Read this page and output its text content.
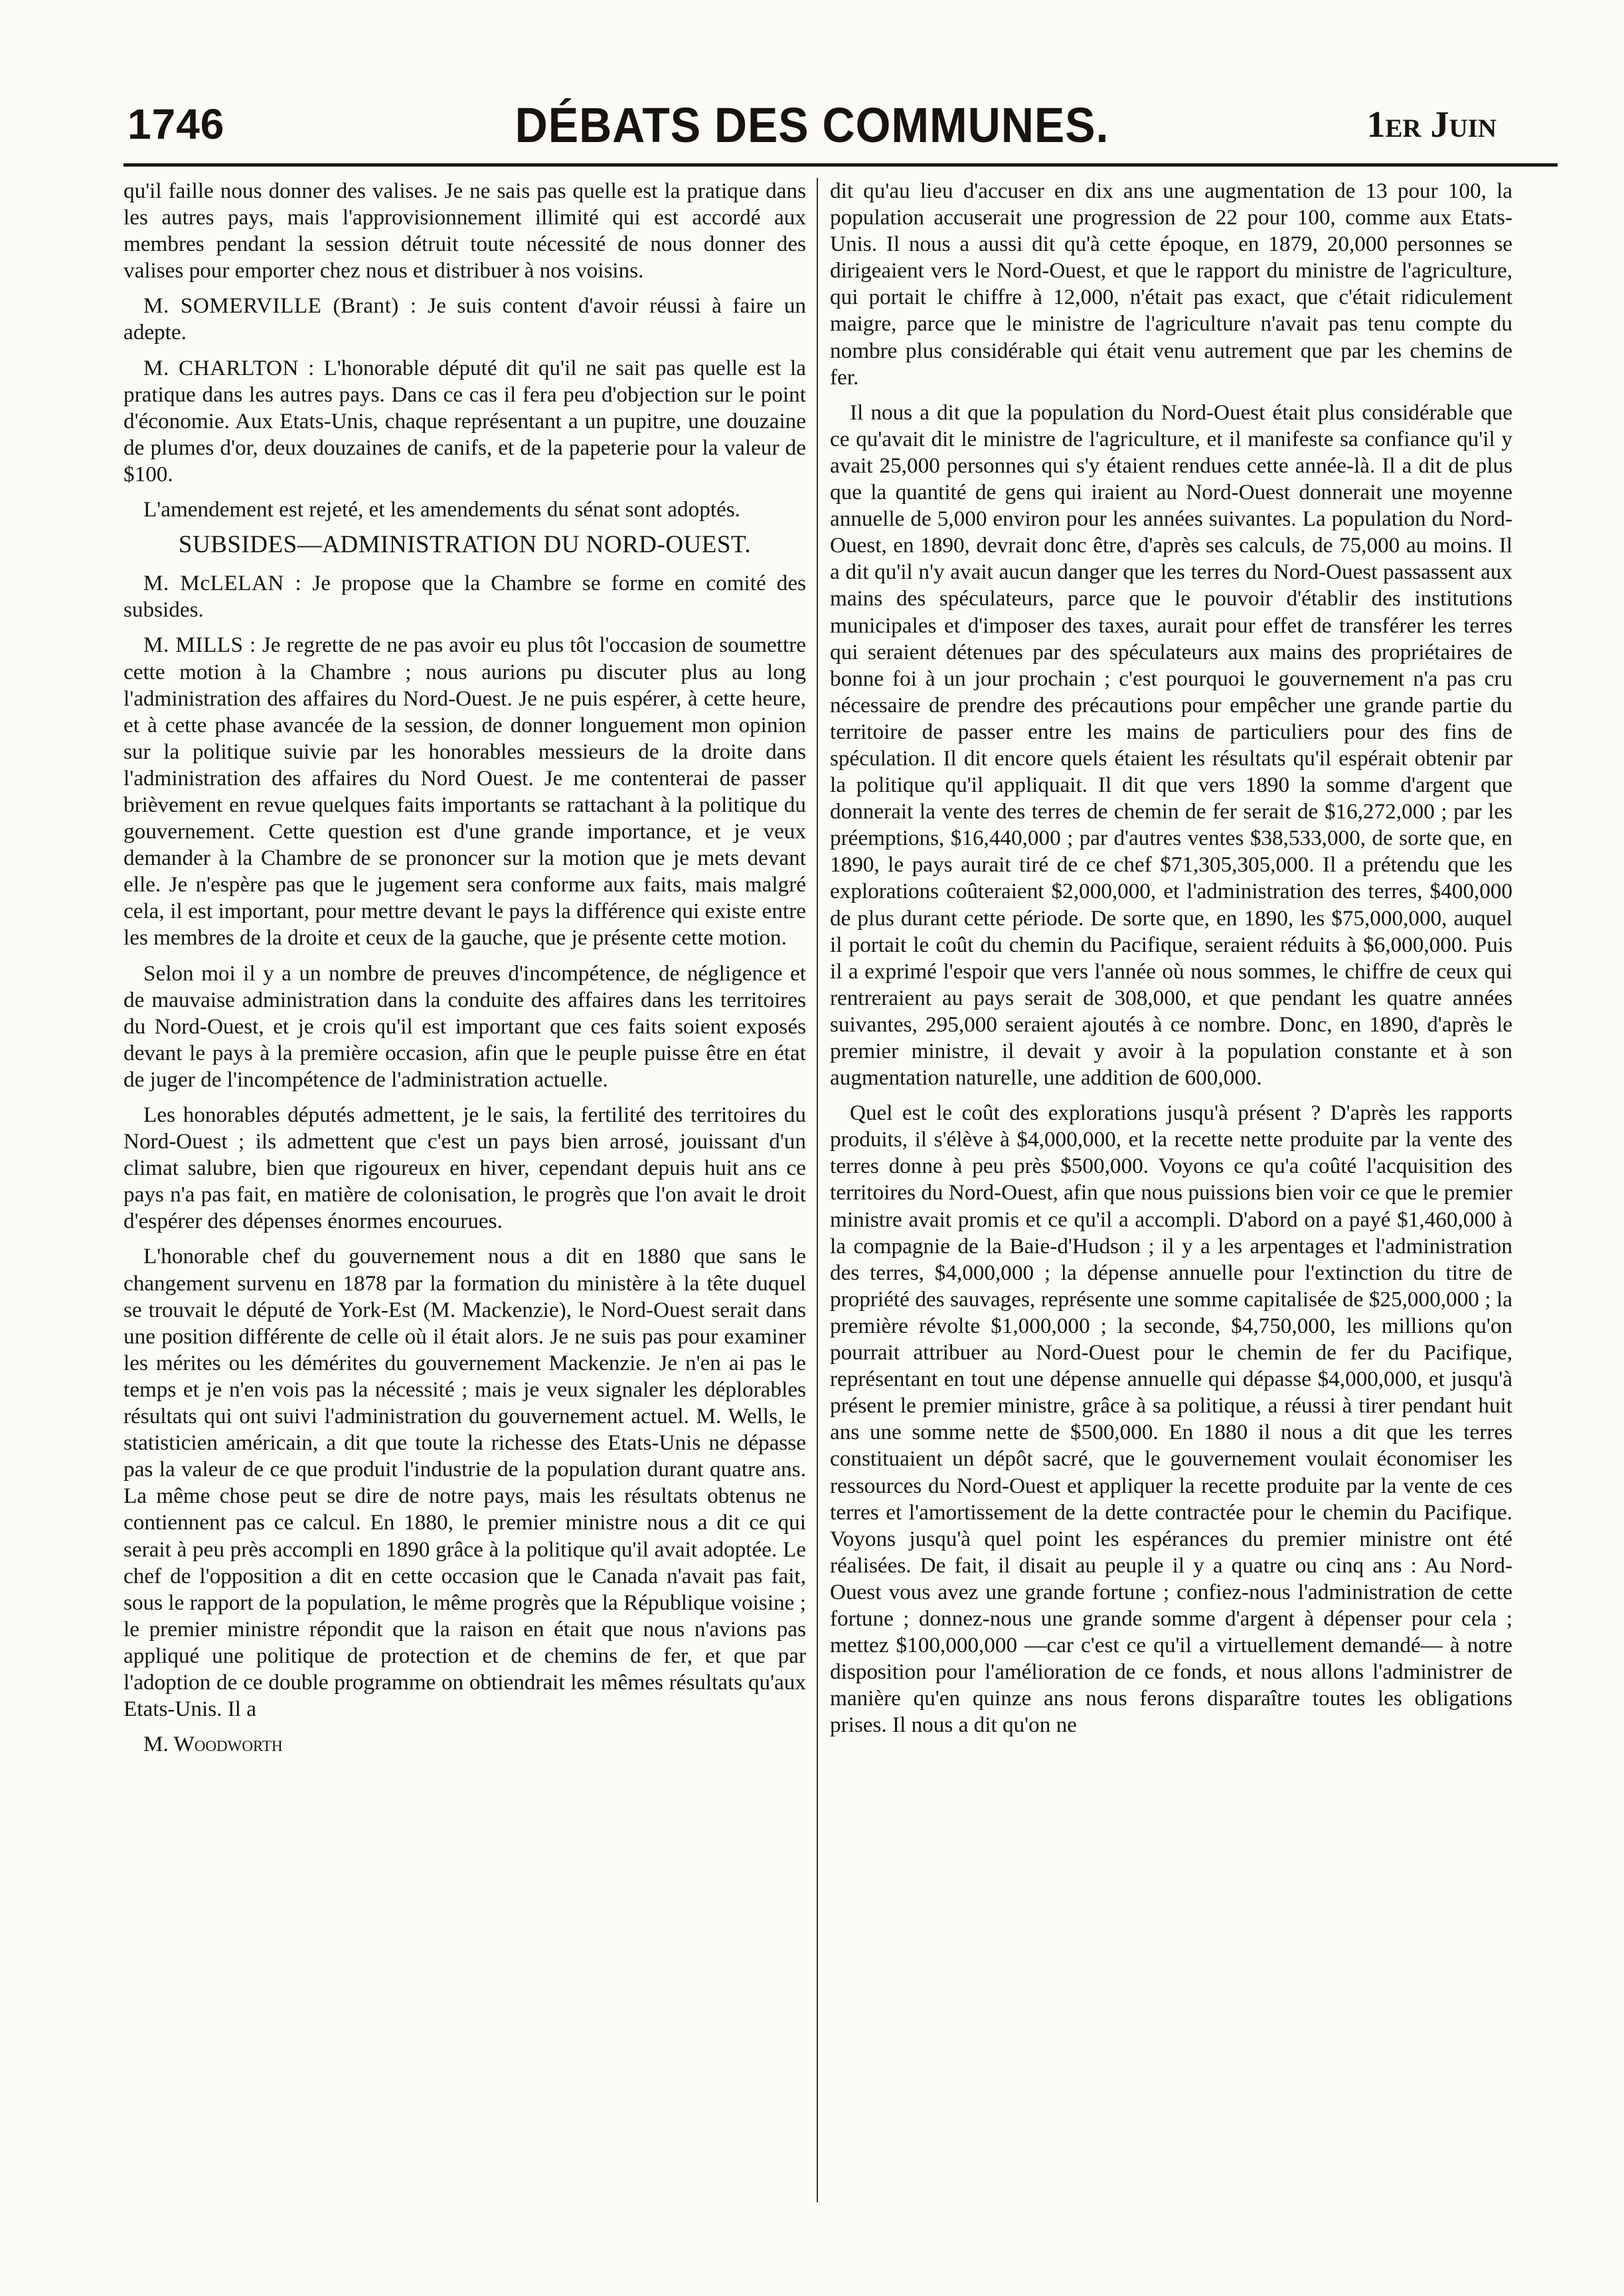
1746	DÉBATS DES COMMUNES.	1er Juin

qu'il faille nous donner des valises. Je ne sais pas quelle est la pratique dans les autres pays, mais l'approvisionnement illimité qui est accordé aux membres pendant la session détruit toute nécessité de nous donner des valises pour emporter chez nous et distribuer à nos voisins.

M. SOMERVILLE (Brant) : Je suis content d'avoir réussi à faire un adepte.

M. CHARLTON : L'honorable député dit qu'il ne sait pas quelle est la pratique dans les autres pays. Dans ce cas il fera peu d'objection sur le point d'économie. Aux Etats-Unis, chaque représentant a un pupitre, une douzaine de plumes d'or, deux douzaines de canifs, et de la papeterie pour la valeur de $100.

L'amendement est rejeté, et les amendements du sénat sont adoptés.

SUBSIDES—ADMINISTRATION DU NORD-OUEST.

M. McLELAN : Je propose que la Chambre se forme en comité des subsides.

M. MILLS : Je regrette de ne pas avoir eu plus tôt l'occasion de soumettre cette motion à la Chambre ; nous aurions pu discuter plus au long l'administration des affaires du Nord-Ouest. Je ne puis espérer, à cette heure, et à cette phase avancée de la session, de donner longuement mon opinion sur la politique suivie par les honorables messieurs de la droite dans l'administration des affaires du Nord Ouest. Je me contenterai de passer brièvement en revue quelques faits importants se rattachant à la politique du gouvernement. Cette question est d'une grande importance, et je veux demander à la Chambre de se prononcer sur la motion que je mets devant elle. Je n'espère pas que le jugement sera conforme aux faits, mais malgré cela, il est important, pour mettre devant le pays la différence qui existe entre les membres de la droite et ceux de la gauche, que je présente cette motion.

Selon moi il y a un nombre de preuves d'incompétence, de négligence et de mauvaise administration dans la conduite des affaires dans les territoires du Nord-Ouest, et je crois qu'il est important que ces faits soient exposés devant le pays à la première occasion, afin que le peuple puisse être en état de juger de l'incompétence de l'administration actuelle.

Les honorables députés admettent, je le sais, la fertilité des territoires du Nord-Ouest ; ils admettent que c'est un pays bien arrosé, jouissant d'un climat salubre, bien que rigoureux en hiver, cependant depuis huit ans ce pays n'a pas fait, en matière de colonisation, le progrès que l'on avait le droit d'espérer des dépenses énormes encourues.

L'honorable chef du gouvernement nous a dit en 1880 que sans le changement survenu en 1878 par la formation du ministère à la tête duquel se trouvait le député de York-Est (M. Mackenzie), le Nord-Ouest serait dans une position différente de celle où il était alors. Je ne suis pas pour examiner les mérites ou les démérites du gouvernement Mackenzie. Je n'en ai pas le temps et je n'en vois pas la nécessité ; mais je veux signaler les déplorables résultats qui ont suivi l'administration du gouvernement actuel. M. Wells, le statisticien américain, a dit que toute la richesse des Etats-Unis ne dépasse pas la valeur de ce que produit l'industrie de la population durant quatre ans. La même chose peut se dire de notre pays, mais les résultats obtenus ne contiennent pas ce calcul. En 1880, le premier ministre nous a dit ce qui serait à peu près accompli en 1890 grâce à la politique qu'il avait adoptée. Le chef de l'opposition a dit en cette occasion que le Canada n'avait pas fait, sous le rapport de la population, le même progrès que la République voisine ; le premier ministre répondit que la raison en était que nous n'avions pas appliqué une politique de protection et de chemins de fer, et que par l'adoption de ce double programme on obtiendrait les mêmes résultats qu'aux Etats-Unis. Il a

M. Woodworth

dit qu'au lieu d'accuser en dix ans une augmentation de 13 pour 100, la population accuserait une progression de 22 pour 100, comme aux Etats-Unis. Il nous a aussi dit qu'à cette époque, en 1879, 20,000 personnes se dirigeaient vers le Nord-Ouest, et que le rapport du ministre de l'agriculture, qui portait le chiffre à 12,000, n'était pas exact, que c'était ridiculement maigre, parce que le ministre de l'agriculture n'avait pas tenu compte du nombre plus considérable qui était venu autrement que par les chemins de fer.

Il nous a dit que la population du Nord-Ouest était plus considérable que ce qu'avait dit le ministre de l'agriculture, et il manifeste sa confiance qu'il y avait 25,000 personnes qui s'y étaient rendues cette année-là. Il a dit de plus que la quantité de gens qui iraient au Nord-Ouest donnerait une moyenne annuelle de 5,000 environ pour les années suivantes. La population du Nord-Ouest, en 1890, devrait donc être, d'après ses calculs, de 75,000 au moins. Il a dit qu'il n'y avait aucun danger que les terres du Nord-Ouest passassent aux mains des spéculateurs, parce que le pouvoir d'établir des institutions municipales et d'imposer des taxes, aurait pour effet de transférer les terres qui seraient détenues par des spéculateurs aux mains des propriétaires de bonne foi à un jour prochain ; c'est pourquoi le gouvernement n'a pas cru nécessaire de prendre des précautions pour empêcher une grande partie du territoire de passer entre les mains de particuliers pour des fins de spéculation. Il dit encore quels étaient les résultats qu'il espérait obtenir par la politique qu'il appliquait. Il dit que vers 1890 la somme d'argent que donnerait la vente des terres de chemin de fer serait de $16,272,000 ; par les préemptions, $16,440,000 ; par d'autres ventes $38,533,000, de sorte que, en 1890, le pays aurait tiré de ce chef $71,305,305,000. Il a prétendu que les explorations coûteraient $2,000,000, et l'administration des terres, $400,000 de plus durant cette période. De sorte que, en 1890, les $75,000,000, auquel il portait le coût du chemin du Pacifique, seraient réduits à $6,000,000. Puis il a exprimé l'espoir que vers l'année où nous sommes, le chiffre de ceux qui rentreraient au pays serait de 308,000, et que pendant les quatre années suivantes, 295,000 seraient ajoutés à ce nombre. Donc, en 1890, d'après le premier ministre, il devait y avoir à la population constante et à son augmentation naturelle, une addition de 600,000.

Quel est le coût des explorations jusqu'à présent ? D'après les rapports produits, il s'élève à $4,000,000, et la recette nette produite par la vente des terres donne à peu près $500,000. Voyons ce qu'a coûté l'acquisition des territoires du Nord-Ouest, afin que nous puissions bien voir ce que le premier ministre avait promis et ce qu'il a accompli. D'abord on a payé $1,460,000 à la compagnie de la Baie-d'Hudson ; il y a les arpentages et l'administration des terres, $4,000,000 ; la dépense annuelle pour l'extinction du titre de propriété des sauvages, représente une somme capitalisée de $25,000,000 ; la première révolte $1,000,000 ; la seconde, $4,750,000, les millions qu'on pourrait attribuer au Nord-Ouest pour le chemin de fer du Pacifique, représentant en tout une dépense annuelle qui dépasse $4,000,000, et jusqu'à présent le premier ministre, grâce à sa politique, a réussi à tirer pendant huit ans une somme nette de $500,000. En 1880 il nous a dit que les terres constituaient un dépôt sacré, que le gouvernement voulait économiser les ressources du Nord-Ouest et appliquer la recette produite par la vente de ces terres et l'amortissement de la dette contractée pour le chemin du Pacifique. Voyons jusqu'à quel point les espérances du premier ministre ont été réalisées. De fait, il disait au peuple il y a quatre ou cinq ans : Au Nord-Ouest vous avez une grande fortune ; confiez-nous l'administration de cette fortune ; donnez-nous une grande somme d'argent à dépenser pour cela ; mettez $100,000,000 —car c'est ce qu'il a virtuellement demandé— à notre disposition pour l'amélioration de ce fonds, et nous allons l'administrer de manière qu'en quinze ans nous ferons disparaître toutes les obligations prises. Il nous a dit qu'on ne
